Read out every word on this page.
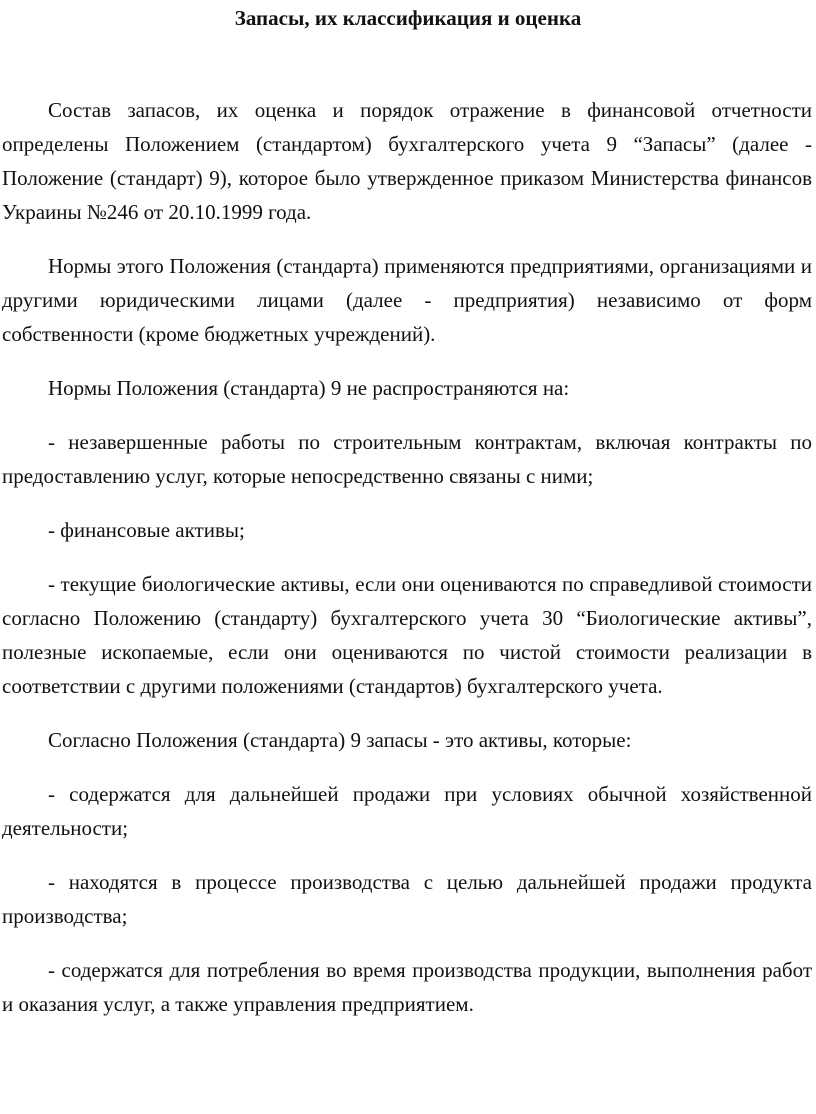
Запасы, их классификация и оценка

Состав запасов, их оценка и порядок отражение в финансовой отчетности определены Положением (стандартом) бухгалтерского учета 9 “Запасы” (далее - Положение (стандарт) 9), которое было утвержденное приказом Министерства финансов Украины №246 от 20.10.1999 года.

Нормы этого Положения (стандарта) применяются предприятиями, организациями и другими юридическими лицами (далее - предприятия) независимо от форм собственности (кроме бюджетных учреждений).

Нормы Положения (стандарта) 9 не распространяются на:

- незавершенные работы по строительным контрактам, включая контракты по предоставлению услуг, которые непосредственно связаны с ними;

- финансовые активы;

- текущие биологические активы, если они оцениваются по справедливой стоимости согласно Положению (стандарту) бухгалтерского учета 30 “Биологические активы”, полезные ископаемые, если они оцениваются по чистой стоимости реализации в соответствии с другими положениями (стандартов) бухгалтерского учета.

Согласно Положения (стандарта) 9 запасы - это активы, которые:

- содержатся для дальнейшей продажи при условиях обычной хозяйственной деятельности;

- находятся в процессе производства с целью дальнейшей продажи продукта производства;

- содержатся для потребления во время производства продукции, выполнения работ и оказания услуг, а также управления предприятием.
